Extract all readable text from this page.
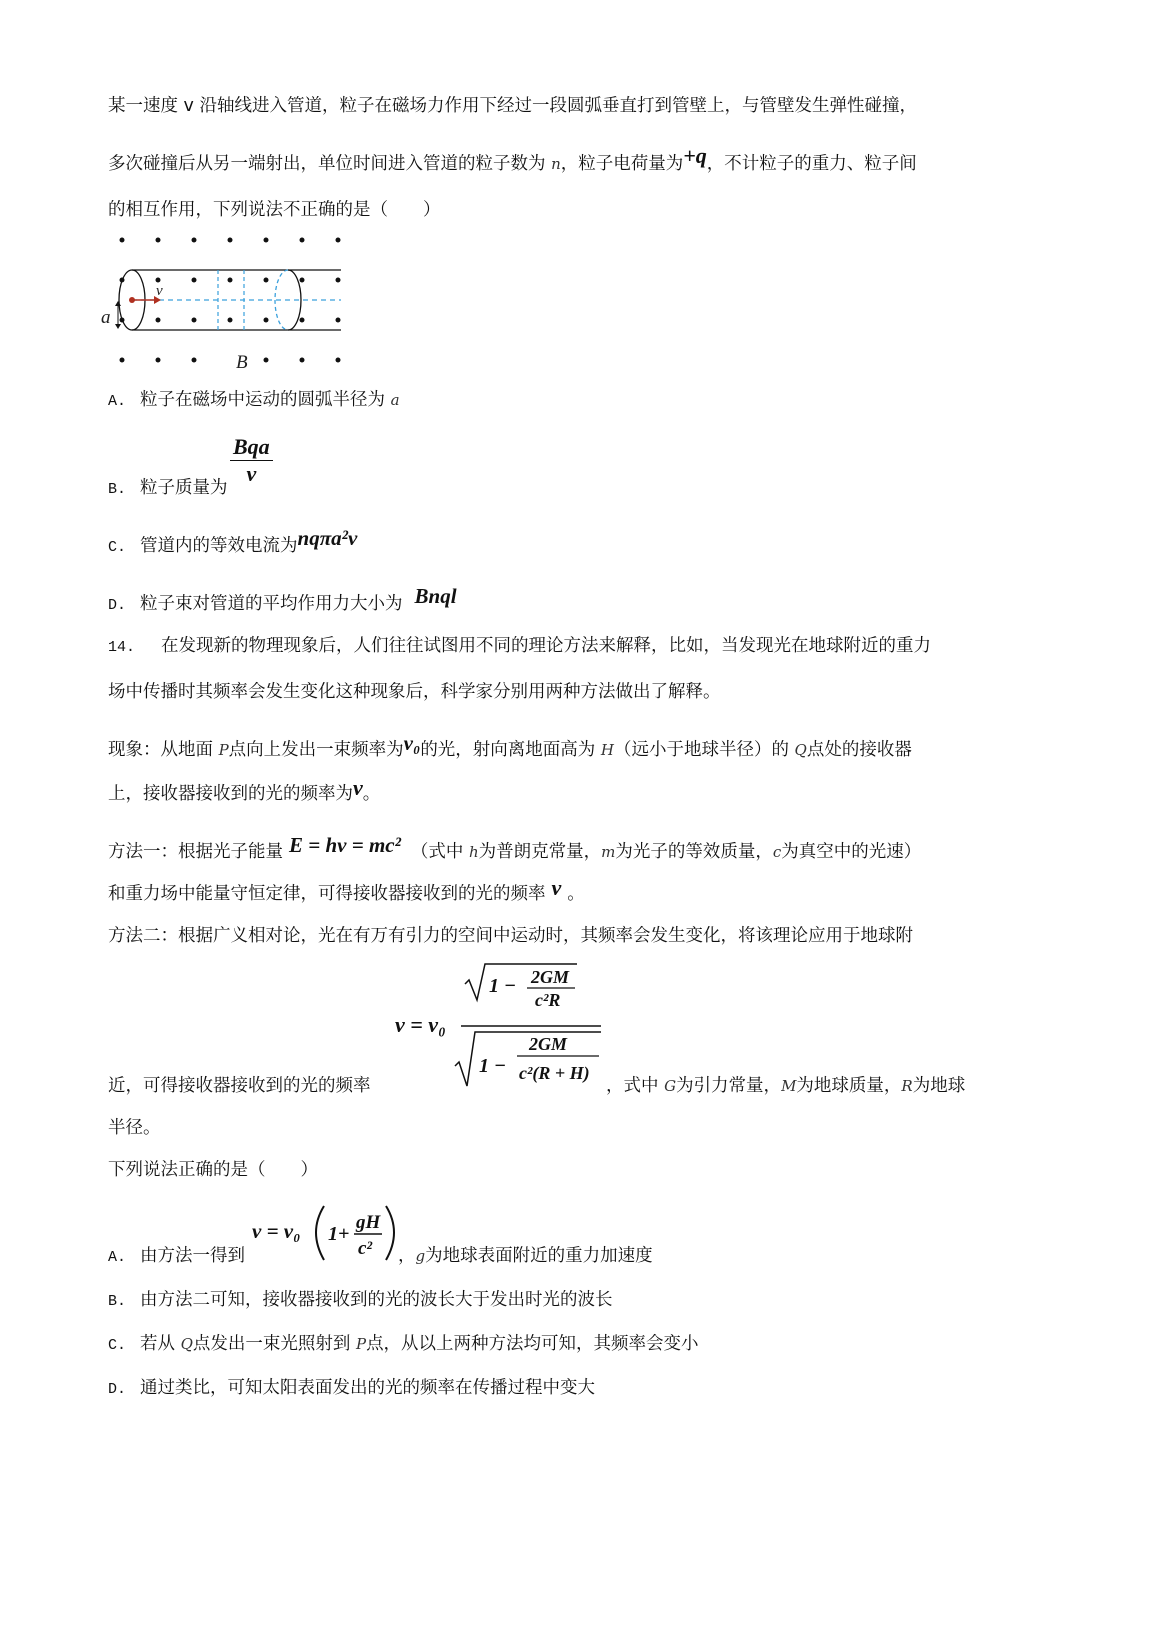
某一速度 v 沿轴线进入管道，粒子在磁场力作用下经过一段圆弧垂直打到管壁上，与管壁发生弹性碰撞，
多次碰撞后从另一端射出，单位时间进入管道的粒子数为 n，粒子电荷量为+q，不计粒子的重力、粒子间
的相互作用，下列说法不正确的是（　　）
v
a
B
A. 粒子在磁场中运动的圆弧半径为 a
Bqa
v
B. 粒子质量为
C. 管道内的等效电流为nqπa²v
D. 粒子束对管道的平均作用力大小为 Bnql
14. 在发现新的物理现象后，人们往往试图用不同的理论方法来解释，比如，当发现光在地球附近的重力
场中传播时其频率会发生变化这种现象后，科学家分别用两种方法做出了解释。
现象：从地面 P点向上发出一束频率为ν₀的光，射向离地面高为 H（远小于地球半径）的 Q点处的接收器
上，接收器接收到的光的频率为ν。
方法一：根据光子能量 E = hν = mc² （式中 h为普朗克常量，m为光子的等效质量，c为真空中的光速）
和重力场中能量守恒定律，可得接收器接收到的光的频率 ν 。
方法二：根据广义相对论，光在有万有引力的空间中运动时，其频率会发生变化，将该理论应用于地球附
ν = ν₀
1 − 2GM
c²R
1 −
2GM
c²(R + H)
近，可得接收器接收到的光的频率	，式中 G为引力常量，M为地球质量，R为地球
半径。
下列说法正确的是（　　）
ν = ν₀ 1+
gH
c²
A. 由方法一得到	，g为地球表面附近的重力加速度
B. 由方法二可知，接收器接收到的光的波长大于发出时光的波长
C. 若从 Q点发出一束光照射到 P点，从以上两种方法均可知，其频率会变小
D. 通过类比，可知太阳表面发出的光的频率在传播过程中变大
